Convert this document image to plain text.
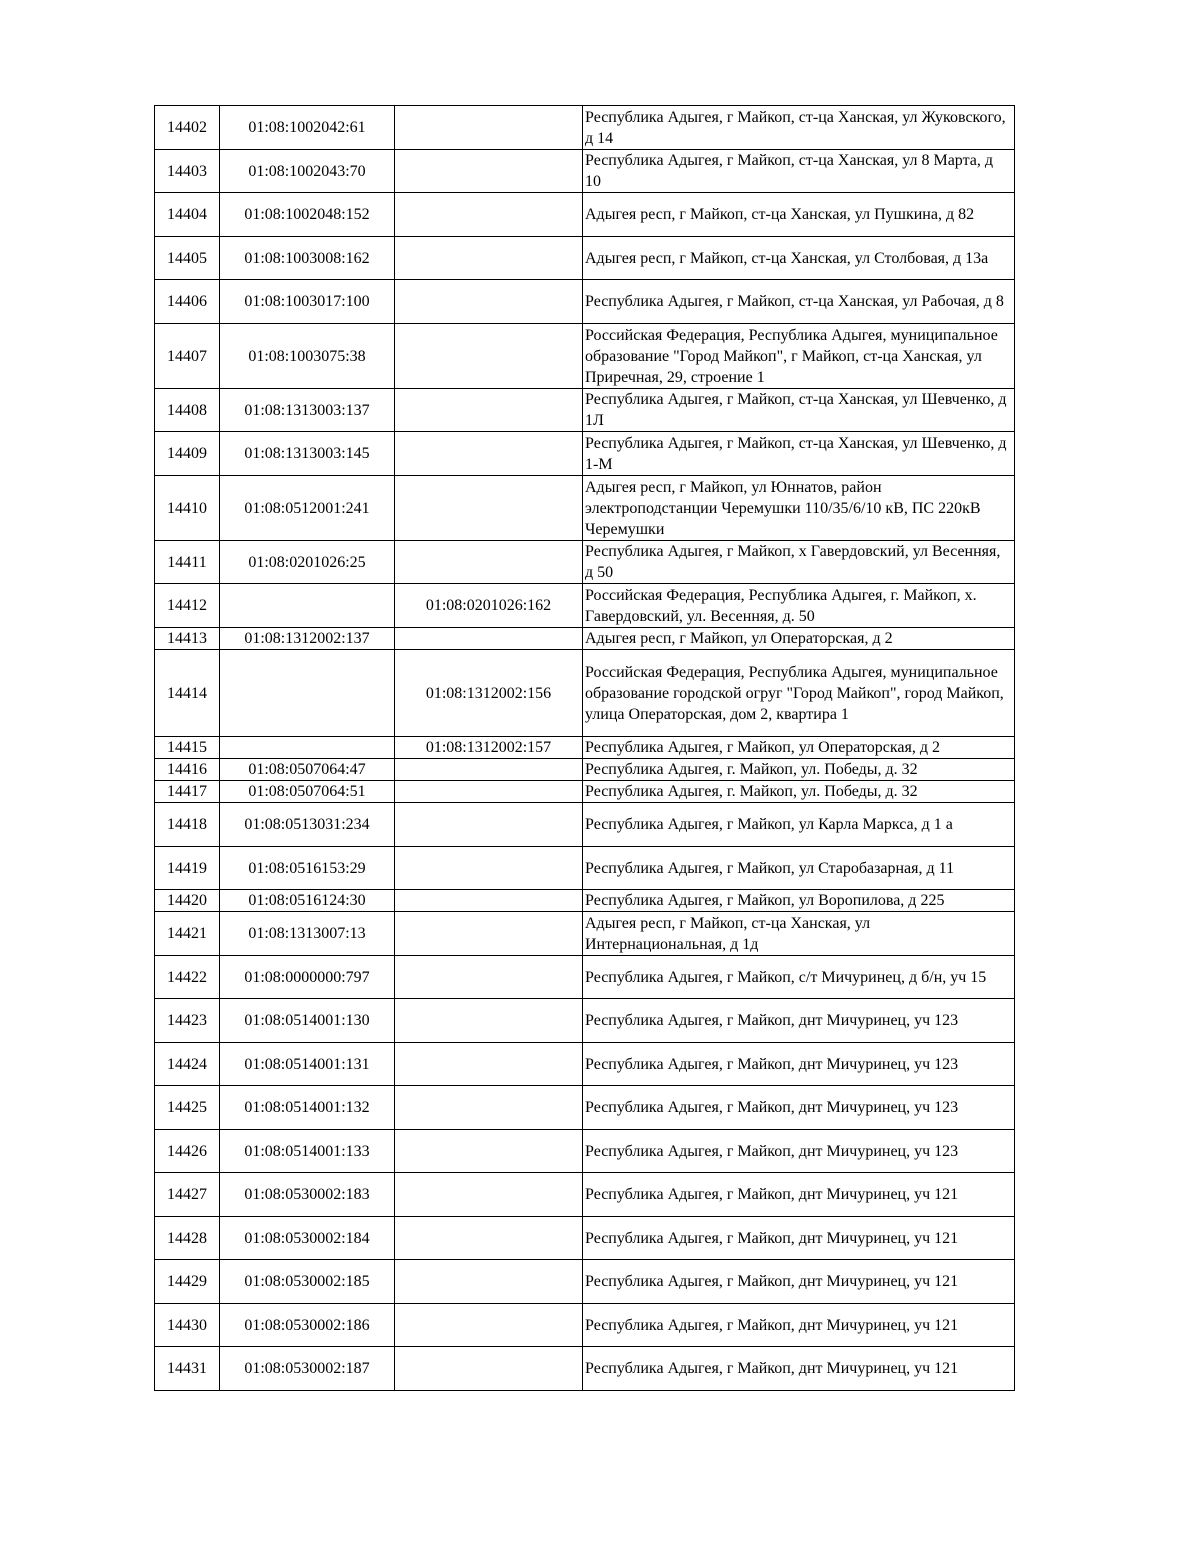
14402	01:08:1002042:61		Республика Адыгея, г Майкоп, ст-ца Ханская, ул Жуковского, д 14
14403	01:08:1002043:70		Республика Адыгея, г Майкоп, ст-ца Ханская, ул 8 Марта, д 10
14404	01:08:1002048:152		Адыгея респ, г Майкоп, ст-ца Ханская, ул Пушкина, д 82
14405	01:08:1003008:162		Адыгея респ, г Майкоп, ст-ца Ханская, ул Столбовая, д 13а
14406	01:08:1003017:100		Республика Адыгея, г Майкоп, ст-ца Ханская, ул Рабочая, д 8
14407	01:08:1003075:38		Российская Федерация, Республика Адыгея, муниципальное образование "Город Майкоп", г Майкоп, ст-ца Ханская, ул Приречная, 29, строение 1
14408	01:08:1313003:137		Республика Адыгея, г Майкоп, ст-ца Ханская, ул Шевченко, д 1Л
14409	01:08:1313003:145		Республика Адыгея, г Майкоп, ст-ца Ханская, ул Шевченко, д 1-М
14410	01:08:0512001:241		Адыгея респ, г Майкоп, ул Юннатов, район электроподстанции Черемушки 110/35/6/10 кВ, ПС 220кВ Черемушки
14411	01:08:0201026:25		Республика Адыгея, г Майкоп, х Гавердовский, ул Весенняя, д 50
14412		01:08:0201026:162	Российская Федерация, Республика Адыгея, г. Майкоп, х. Гавердовский, ул. Весенняя, д. 50
14413	01:08:1312002:137		Адыгея респ, г Майкоп, ул Операторская, д 2
14414		01:08:1312002:156	Российская Федерация, Республика Адыгея, муниципальное образование городской огруг "Город Майкоп", город Майкоп, улица Операторская, дом 2, квартира 1
14415		01:08:1312002:157	Республика Адыгея, г Майкоп, ул Операторская, д 2
14416	01:08:0507064:47		Республика Адыгея, г. Майкоп, ул. Победы, д. 32
14417	01:08:0507064:51		Республика Адыгея, г. Майкоп, ул. Победы, д. 32
14418	01:08:0513031:234		Республика Адыгея, г Майкоп, ул Карла Маркса, д 1 а
14419	01:08:0516153:29		Республика Адыгея, г Майкоп, ул Старобазарная, д 11
14420	01:08:0516124:30		Республика Адыгея, г Майкоп, ул Воропилова, д 225
14421	01:08:1313007:13		Адыгея респ, г Майкоп, ст-ца Ханская, ул Интернациональная, д 1д
14422	01:08:0000000:797		Республика Адыгея, г Майкоп, с/т Мичуринец, д б/н, уч 15
14423	01:08:0514001:130		Республика Адыгея, г Майкоп, днт Мичуринец, уч 123
14424	01:08:0514001:131		Республика Адыгея, г Майкоп, днт Мичуринец, уч 123
14425	01:08:0514001:132		Республика Адыгея, г Майкоп, днт Мичуринец, уч 123
14426	01:08:0514001:133		Республика Адыгея, г Майкоп, днт Мичуринец, уч 123
14427	01:08:0530002:183		Республика Адыгея, г Майкоп, днт Мичуринец, уч 121
14428	01:08:0530002:184		Республика Адыгея, г Майкоп, днт Мичуринец, уч 121
14429	01:08:0530002:185		Республика Адыгея, г Майкоп, днт Мичуринец, уч 121
14430	01:08:0530002:186		Республика Адыгея, г Майкоп, днт Мичуринец, уч 121
14431	01:08:0530002:187		Республика Адыгея, г Майкоп, днт Мичуринец, уч 121
